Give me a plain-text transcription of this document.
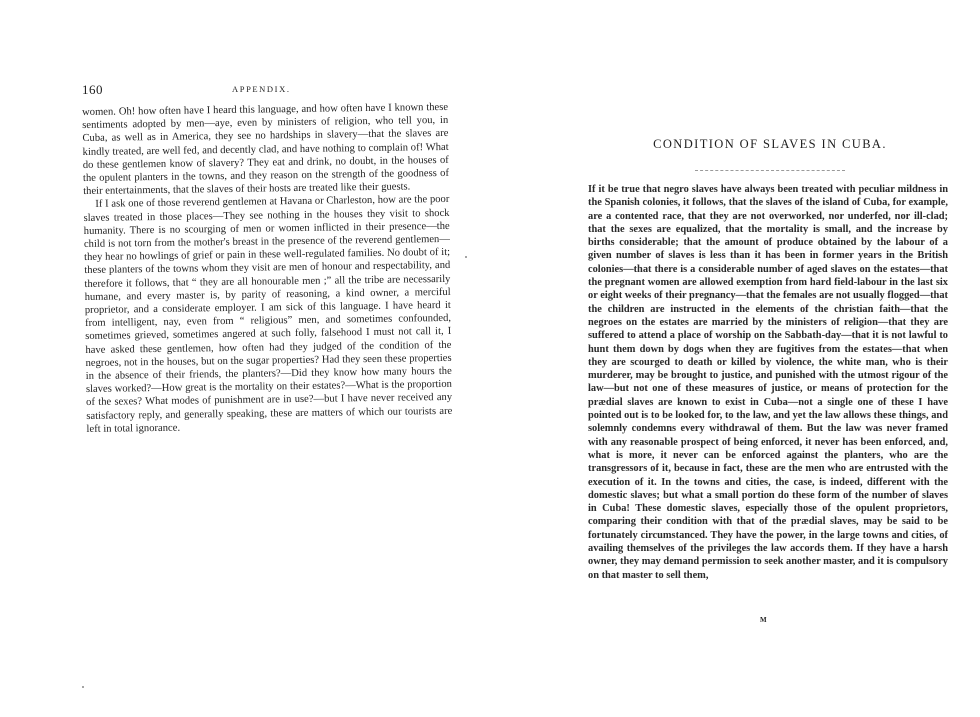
160	APPENDIX.

women. Oh! how often have I heard this language, and how often have I known these sentiments adopted by men—aye, even by ministers of religion, who tell you, in Cuba, as well as in America, they see no hardships in slavery—that the slaves are kindly treated, are well fed, and decently clad, and have nothing to complain of! What do these gentlemen know of slavery? They eat and drink, no doubt, in the houses of the opulent planters in the towns, and they reason on the strength of the goodness of their entertainments, that the slaves of their hosts are treated like their guests.

If I ask one of those reverend gentlemen at Havana or Charleston, how are the poor slaves treated in those places—They see nothing in the houses they visit to shock humanity. There is no scourging of men or women inflicted in their presence—the child is not torn from the mother's breast in the presence of the reverend gentlemen—they hear no howlings of grief or pain in these well-regulated families. No doubt of it; these planters of the towns whom they visit are men of honour and respectability, and therefore it follows, that “ they are all honourable men ;” all the tribe are necessarily humane, and every master is, by parity of reasoning, a kind owner, a merciful proprietor, and a considerate employer. I am sick of this language. I have heard it from intelligent, nay, even from “ religious” men, and sometimes confounded, sometimes grieved, sometimes angered at such folly, falsehood I must not call it, I have asked these gentlemen, how often had they judged of the condition of the negroes, not in the houses, but on the sugar properties? Had they seen these properties in the absence of their friends, the planters?—Did they know how many hours the slaves worked?—How great is the mortality on their estates?—What is the proportion of the sexes? What modes of punishment are in use?—but I have never received any satisfactory reply, and generally speaking, these are matters of which our tourists are left in total ignorance.

CONDITION OF SLAVES IN CUBA.

If it be true that negro slaves have always been treated with peculiar mildness in the Spanish colonies, it follows, that the slaves of the island of Cuba, for example, are a contented race, that they are not overworked, nor underfed, nor ill-clad; that the sexes are equalized, that the mortality is small, and the increase by births considerable; that the amount of produce obtained by the labour of a given number of slaves is less than it has been in former years in the British colonies—that there is a considerable number of aged slaves on the estates—that the pregnant women are allowed exemption from hard field-labour in the last six or eight weeks of their pregnancy—that the females are not usually flogged—that the children are instructed in the elements of the christian faith—that the negroes on the estates are married by the ministers of religion—that they are suffered to attend a place of worship on the Sabbath-day—that it is not lawful to hunt them down by dogs when they are fugitives from the estates—that when they are scourged to death or killed by violence, the white man, who is their murderer, may be brought to justice, and punished with the utmost rigour of the law—but not one of these measures of justice, or means of protection for the prædial slaves are known to exist in Cuba—not a single one of these I have pointed out is to be looked for, to the law, and yet the law allows these things, and solemnly condemns every withdrawal of them. But the law was never framed with any reasonable prospect of being enforced, it never has been enforced, and, what is more, it never can be enforced against the planters, who are the transgressors of it, because in fact, these are the men who are entrusted with the execution of it. In the towns and cities, the case, is indeed, different with the domestic slaves; but what a small portion do these form of the number of slaves in Cuba! These domestic slaves, especially those of the opulent proprietors, comparing their condition with that of the prædial slaves, may be said to be fortunately circumstanced. They have the power, in the large towns and cities, of availing themselves of the privileges the law accords them. If they have a harsh owner, they may demand permission to seek another master, and it is compulsory on that master to sell them,

M
